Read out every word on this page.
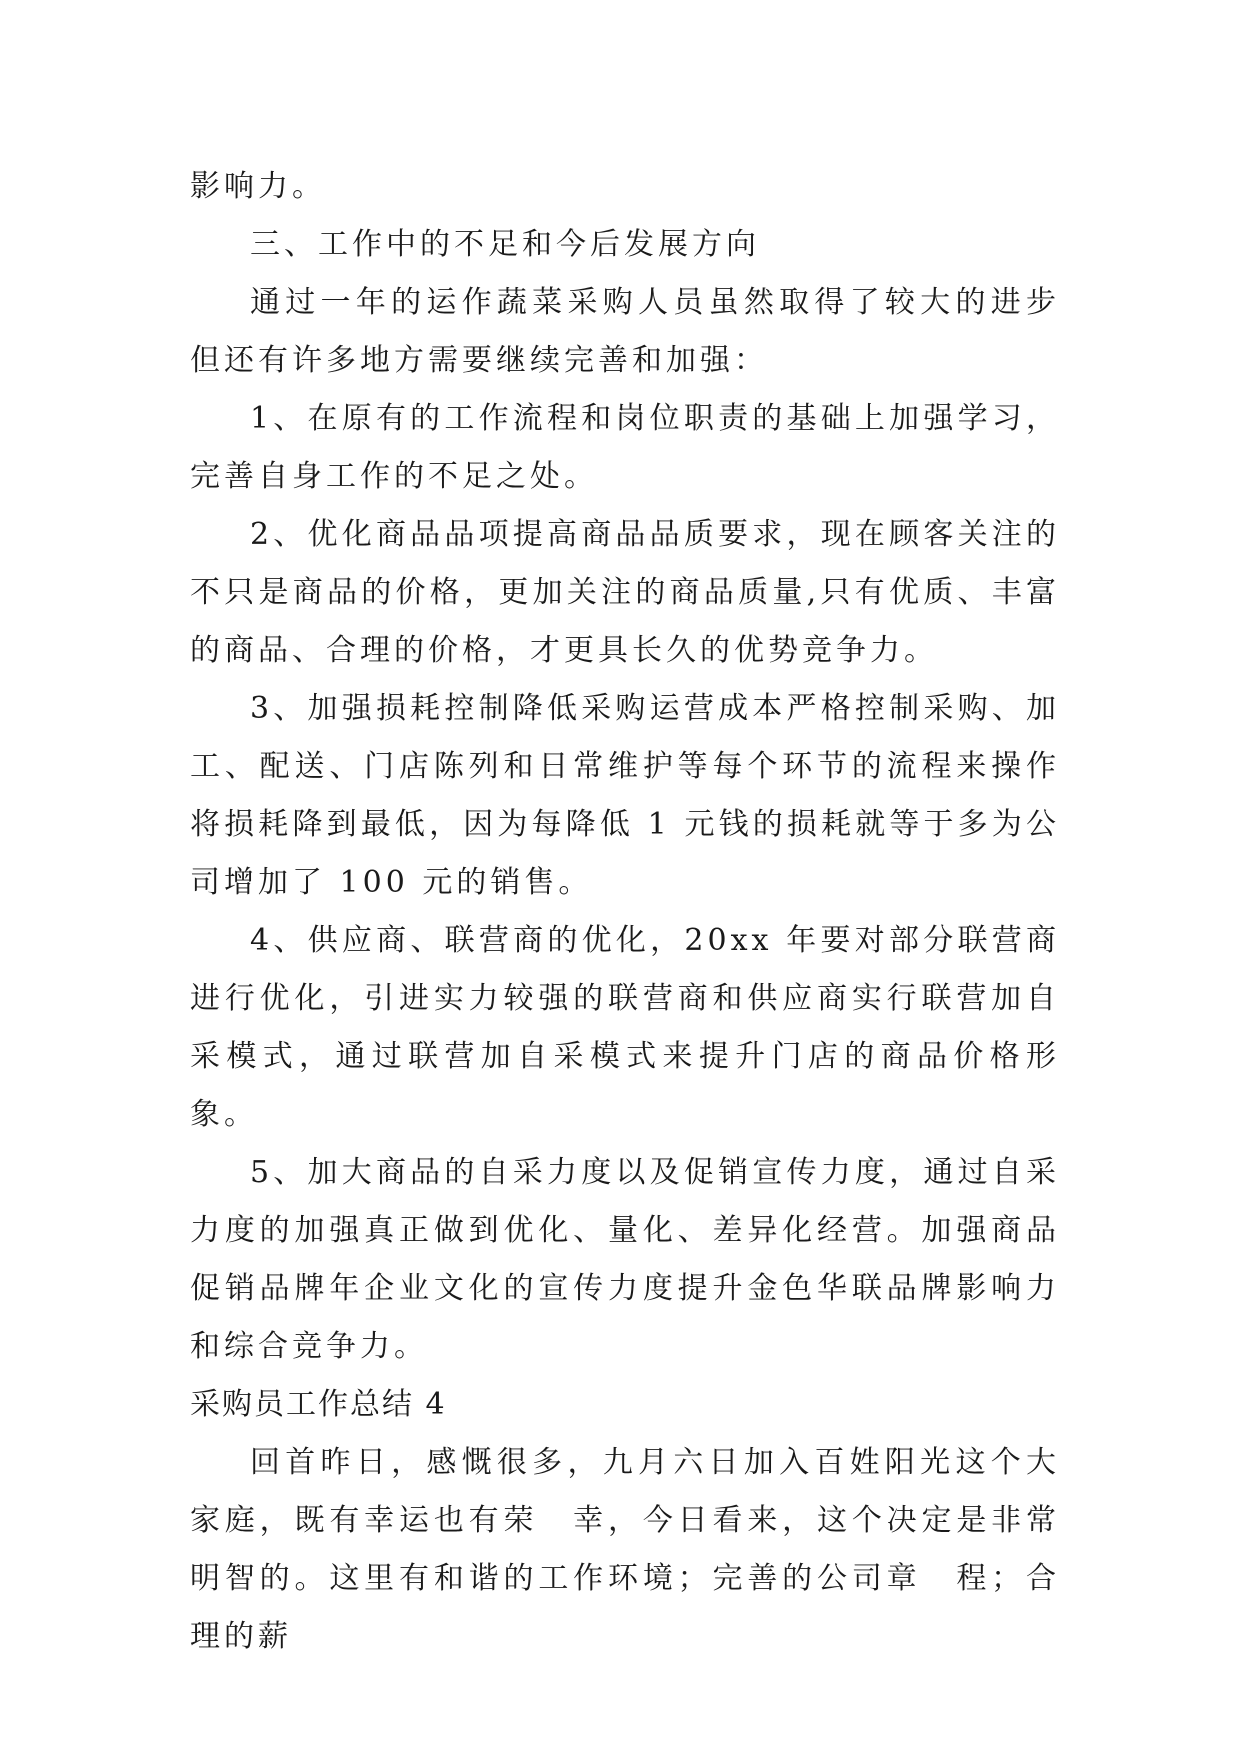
影响力。

三、工作中的不足和今后发展方向

通过一年的运作蔬菜采购人员虽然取得了较大的进步但还有许多地方需要继续完善和加强：

1、在原有的工作流程和岗位职责的基础上加强学习，完善自身工作的不足之处。

2、优化商品品项提高商品品质要求，现在顾客关注的不只是商品的价格，更加关注的商品质量,只有优质、丰富的商品、合理的价格，才更具长久的优势竞争力。

3、加强损耗控制降低采购运营成本严格控制采购、加工、配送、门店陈列和日常维护等每个环节的流程来操作将损耗降到最低，因为每降低 1 元钱的损耗就等于多为公司增加了 100 元的销售。

4、供应商、联营商的优化，20xx 年要对部分联营商进行优化，引进实力较强的联营商和供应商实行联营加自采模式，通过联营加自采模式来提升门店的商品价格形象。

5、加大商品的自采力度以及促销宣传力度，通过自采力度的加强真正做到优化、量化、差异化经营。加强商品促销品牌年企业文化的宣传力度提升金色华联品牌影响力和综合竞争力。

采购员工作总结 4

回首昨日，感慨很多，九月六日加入百姓阳光这个大家庭，既有幸运也有荣　幸，今日看来，这个决定是非常明智的。这里有和谐的工作环境；完善的公司章　程；合理的薪
